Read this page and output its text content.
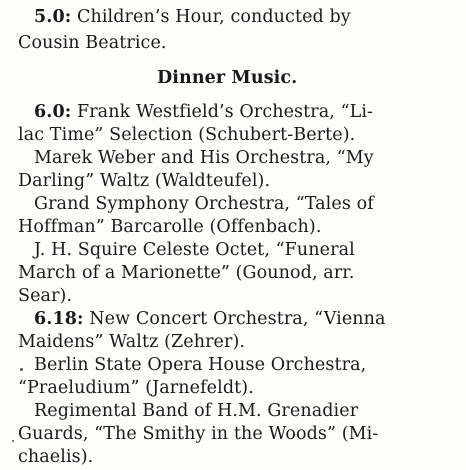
5.0: Children’s Hour, conducted by
Cousin Beatrice.
Dinner Music.
6.0: Frank Westfield’s Orchestra, “Li-
lac Time” Selection (Schubert-Berte).
Marek Weber and His Orchestra, “My
Darling” Waltz (Waldteufel).
Grand Symphony Orchestra, “Tales of
Hoffman” Barcarolle (Offenbach).
J. H. Squire Celeste Octet, “Funeral
March of a Marionette” (Gounod, arr.
Sear).
6.18: New Concert Orchestra, “Vienna
Maidens” Waltz (Zehrer).
Berlin State Opera House Orchestra,
“Praeludium” (Jarnefeldt).
Regimental Band of H.M. Grenadier
Guards, “The Smithy in the Woods” (Mi-
chaelis).
